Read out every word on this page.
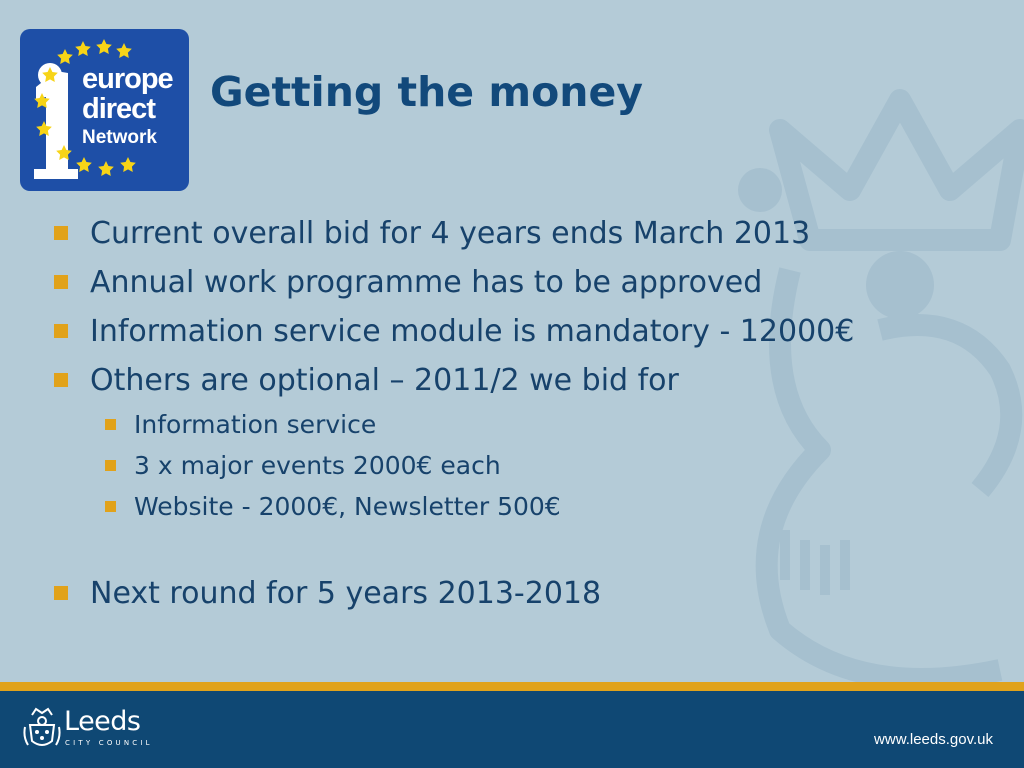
europe
direct
Network
Getting the money
Current overall bid for 4 years ends March 2013
Annual work programme has to be approved
Information service module is mandatory - 12000€
Others are optional – 2011/2 we bid for
Information service
3 x major events 2000€ each
Website - 2000€, Newsletter 500€
Next round for 5 years 2013-2018
Leeds
CITY COUNCIL	www.leeds.gov.uk
